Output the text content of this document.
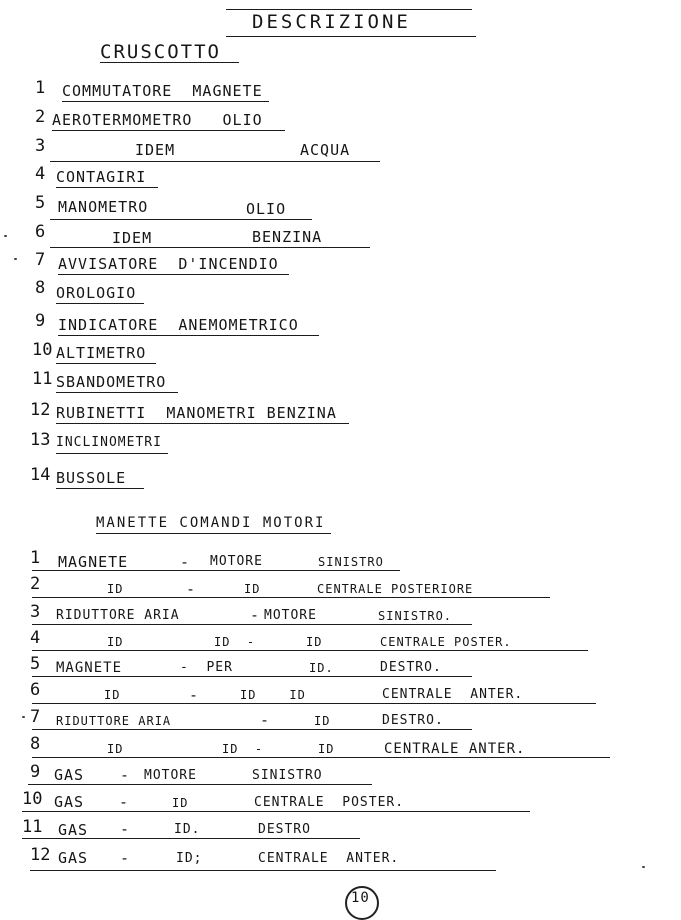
DESCRIZIONE
CRUSCOTTO
1 COMMUTATORE  MAGNETE
2 AEROTERMOMETRO   OLIO
3	IDEM	ACQUA
4 CONTAGIRI
5 MANOMETRO	OLIO
6	IDEM	BENZINA
7 AVVISATORE  D'INCENDIO
8 OROLOGIO
9 INDICATORE  ANEMOMETRICO
10 ALTIMETRO
11 SBANDOMETRO
12 RUBINETTI  MANOMETRI BENZINA
13 INCLINOMETRI
14 BUSSOLE
MANETTE COMANDI MOTORI
1 MAGNETE	- MOTORE	SINISTRO
2	ID	-	ID	CENTRALE POSTERIORE
3 RIDUTTORE ARIA	- MOTORE	SINISTRO.
4	ID	ID  -	ID	CENTRALE POSTER.
5 MAGNETE	-  PER	ID.	DESTRO.
6	ID	-	ID    ID	CENTRALE  ANTER.
7 RIDUTTORE ARIA	-	ID	DESTRO.
8	ID	ID  -	ID	CENTRALE ANTER.
9 GAS - MOTORE	SINISTRO
10 GAS -	ID	CENTRALE  POSTER.
11 GAS -	ID.	DESTRO
12 GAS -	ID;	CENTRALE  ANTER.
10
